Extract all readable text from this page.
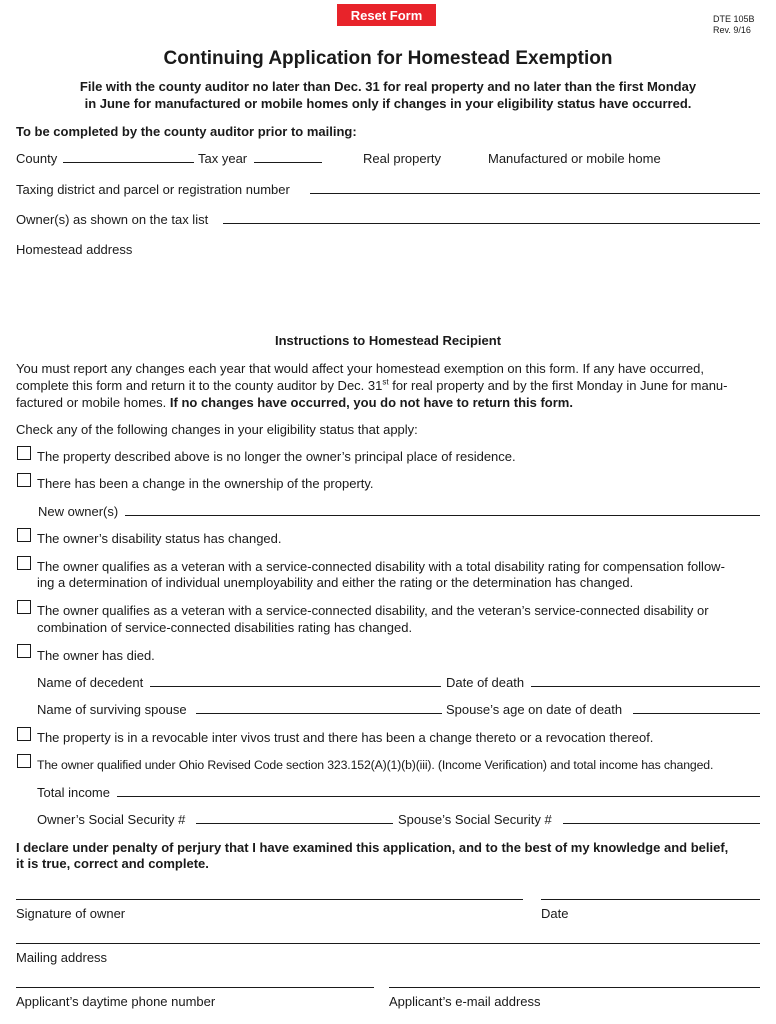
Reset Form	DTE 105B
Rev. 9/16
Continuing Application for Homestead Exemption
File with the county auditor no later than Dec. 31 for real property and no later than the first Monday
in June for manufactured or mobile homes only if changes in your eligibility status have occurred.
To be completed by the county auditor prior to mailing:
County	Tax year	Real property	Manufactured or mobile home
Taxing district and parcel or registration number
Owner(s) as shown on the tax list
Homestead address
Instructions to Homestead Recipient
You must report any changes each year that would affect your homestead exemption on this form. If any have occurred,
complete this form and return it to the county auditor by Dec. 31st for real property and by the first Monday in June for manu-
factured or mobile homes. If no changes have occurred, you do not have to return this form.
Check any of the following changes in your eligibility status that apply:
The property described above is no longer the owner’s principal place of residence.
There has been a change in the ownership of the property.
New owner(s)
The owner’s disability status has changed.
The owner qualifies as a veteran with a service-connected disability with a total disability rating for compensation follow-
ing a determination of individual unemployability and either the rating or the determination has changed.
The owner qualifies as a veteran with a service-connected disability, and the veteran’s service-connected disability or
combination of service-connected disabilities rating has changed.
The owner has died.
Name of decedent	Date of death
Name of surviving spouse	Spouse’s age on date of death
The property is in a revocable inter vivos trust and there has been a change thereto or a revocation thereof.
The owner qualified under Ohio Revised Code section 323.152(A)(1)(b)(iii). (Income Verification) and total income has changed.
Total income
Owner’s Social Security #	Spouse’s Social Security #
I declare under penalty of perjury that I have examined this application, and to the best of my knowledge and belief,
it is true, correct and complete.
Signature of owner	Date
Mailing address
Applicant’s daytime phone number	Applicant’s e-mail address
